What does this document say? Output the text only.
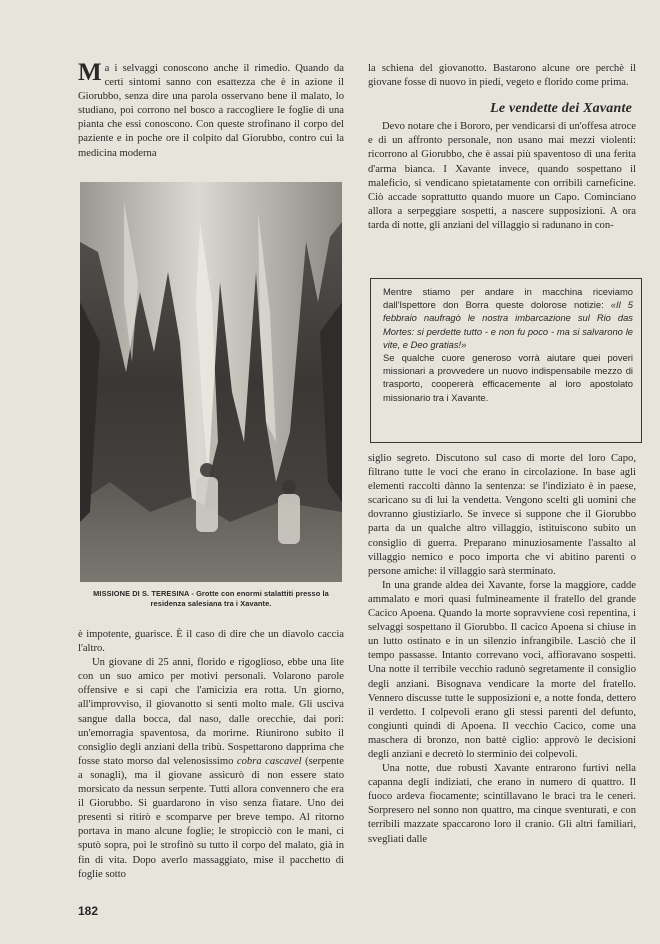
Ma i selvaggi conoscono anche il rimedio. Quando da certi sintomi sanno con esattezza che è in azione il Giorubbo, senza dire una parola osservano bene il malato, lo studiano, poi corrono nel bosco a raccogliere le foglie di una pianta che essi conoscono. Con queste strofinano il corpo del paziente e in poche ore il colpito dal Giorubbo, contro cui la medicina moderna

MISSIONE DI S. TERESINA - Grotte con enormi stalattiti presso la residenza salesiana tra i Xavante.

è impotente, guarisce. È il caso di dire che un diavolo caccia l'altro.

Un giovane di 25 anni, florido e rigoglioso, ebbe una lite con un suo amico per motivi personali. Volarono parole offensive e si capì che l'amicizia era rotta. Un giorno, all'improvviso, il giovanotto si sentì molto male. Gli usciva sangue dalla bocca, dal naso, dalle orecchie, dai pori: un'emorragia spaventosa, da morirne. Riunirono subito il consiglio degli anziani della tribù. Sospettarono dapprima che fosse stato morso dal velenosissimo cobra cascavel (serpente a sonagli), ma il giovane assicurò di non essere stato morsicato da nessun serpente. Tutti allora convennero che era il Giorubbo. Si guardarono in viso senza fiatare. Uno dei presenti si ritirò e scomparve per breve tempo. Al ritorno portava in mano alcune foglie; le stropicciò con le mani, ci sputò sopra, poi le strofinò su tutto il corpo del malato, già in fin di vita. Dopo averlo massaggiato, mise il pacchetto di foglie sotto

la schiena del giovanotto. Bastarono alcune ore perchè il giovane fosse di nuovo in piedi, vegeto e florido come prima.

Le vendette dei Xavante

Devo notare che i Bororo, per vendicarsi di un'offesa atroce e di un affronto personale, non usano mai mezzi violenti: ricorrono al Giorubbo, che è assai più spaventoso di una ferita d'arma bianca. I Xavante invece, quando sospettano il maleficio, si vendicano spietatamente con orribili carneficine. Ciò accade soprattutto quando muore un Capo. Cominciano allora a serpeggiare sospetti, a nascere supposizioni. A ora tarda di notte, gli anziani del villaggio si radunano in con-

Mentre stiamo per andare in macchina riceviamo dall'Ispettore don Borra queste dolorose notizie: «Il 5 febbraio naufragò le nostra imbarcazione sul Rio das Mortes: si perdette tutto - e non fu poco - ma si salvarono le vite, e Deo gratias!»
Se qualche cuore generoso vorrà aiutare quei poveri missionari a provvedere un nuovo indispensabile mezzo di trasporto, coopererà efficacemente al loro apostolato missionario tra i Xavante.

siglio segreto. Discutono sul caso di morte del loro Capo, filtrano tutte le voci che erano in circolazione. In base agli elementi raccolti dànno la sentenza: se l'indiziato è in paese, scaricano su di lui la vendetta. Vengono scelti gli uomini che dovranno giustiziarlo. Se invece si suppone che il Giorubbo parta da un qualche altro villaggio, istituiscono subito un consiglio di guerra. Preparano minuziosamente l'assalto al villaggio nemico e poco importa che vi abitino parenti o persone amiche: il villaggio sarà sterminato.

In una grande aldea dei Xavante, forse la maggiore, cadde ammalato e morì quasi fulmineamente il fratello del grande Cacico Apoena. Quando la morte sopravviene così repentina, i selvaggi sospettano il Giorubbo. Il cacico Apoena si chiuse in un lutto ostinato e in un silenzio infrangibile. Lasciò che il tempo passasse. Intanto correvano voci, affioravano sospetti. Una notte il terribile vecchio radunò segretamente il consiglio degli anziani. Bisognava vendicare la morte del fratello. Vennero discusse tutte le supposizioni e, a notte fonda, dettero il verdetto. I colpevoli erano gli stessi parenti del defunto, congiunti quindi di Apoena. Il vecchio Cacico, come una maschera di bronzo, non battè ciglio: approvò le decisioni degli anziani e decretò lo sterminio dei colpevoli.

Una notte, due robusti Xavante entrarono furtivi nella capanna degli indiziati, che erano in numero di quattro. Il fuoco ardeva fiocamente; scintillavano le braci tra le ceneri. Sorpresero nel sonno non quattro, ma cinque sventurati, e con terribili mazzate spaccarono loro il cranio. Gli altri familiari, svegliati dalle

182
